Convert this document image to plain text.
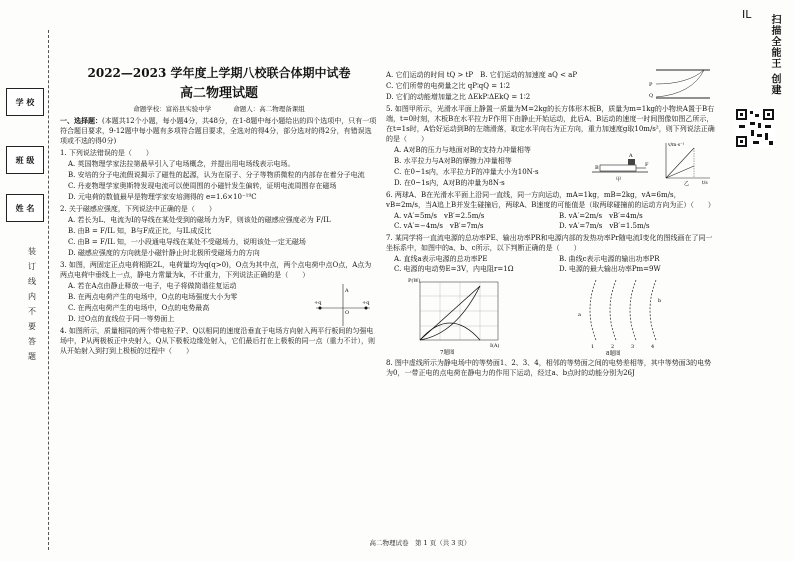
学 校
班 级
姓 名
装
订
线
内
不
要
答
题
IL	扫描全能王 创建
2022—2023 学年度上学期八校联合体期中试卷
高二物理试题
命题学校：富裕县实验中学	命题人：高二物理备课组

一、选择题：(本题共12个小题，每小题4分，共48分，在1-8题中每小题给出的四个选项中，只有一项符合题目要求，9-12题中每小题有多项符合题目要求，全选对的得4分，部分选对的得2分，有错误选项或不选的得0分)

1. 下列说法错误的是（　　）

A. 英国物理学家法拉第最早引入了电场概念，并提出用电场线表示电场。

B. 安培的分子电流假说揭示了磁性的起源，认为在原子、分子等物质微粒的内部存在着分子电流

C. 丹麦物理学家奥斯特发现电流可以使周围的小磁针发生偏转，证明电流周围存在磁场

D. 元电荷的数值最早是物理学家安培测得的 e=1.6×10⁻¹⁹C

2. 关于磁感应强度，下列说法中正确的是（　　）

A. 若长为L、电流为I的导线在某处受到的磁场力为F，则该处的磁感应强度必为 F/IL

B. 由B = F/IL 知，B与F成正比，与IL成反比

C. 由B = F/IL 知，一小段通电导线在某处不受磁场力，说明该处一定无磁场

D. 磁感应强度的方向就是小磁针静止时北极所受磁场力的方向

3. 如图，两固定正点电荷相距2L，电荷量均为q(q>0)，O点为其中点，两个点电荷中点O点，A点为两点电荷中垂线上一点，静电力常量为k，不计重力，下列说法正确的是（　　）

A. 若在A点由静止释放一电子，电子将做简谐往复运动

B. 在两点电荷产生的电场中，O点的电场强度大小为零

C. 在两点电荷产生的电场中，O点的电势最高

D. 过O点的直线位于同一等势面上

+q	+q
A
O

4. 如图所示，质量相同的两个带电粒子P、Q以相同的速度沿垂直于电场方向射入两平行板间的匀强电场中，P从两极板正中央射入，Q从下极板边缘处射入，它们最后打在上极板的同一点（重力不计），则从开始射入到打到上极板的过程中（　　）

A. 它们运动的时间 tQ > tP　B. 它们运动的加速度 aQ < aP

C. 它们所带的电荷量之比 qP∶qQ = 1∶2

D. 它们的动能增加量之比 ΔEkP∶ΔEkQ = 1∶2

P
Q

5. 如图甲所示，光滑水平面上静置一质量为M=2kg的长方体形木板B，质量为m=1kg的小物块A置于B右端，t=0时刻，木板B在水平拉力F作用下由静止开始运动，此后A、B运动的速度一时间图像如图乙所示，在t=1s时，A恰好运动到B的左端滑落，取定水平向右为正方向，重力加速度g取10m/s²，则下列说法正确的是（　　）

A. A对B的压力与地面对B的支持力冲量相等

B. 水平拉力与A对B的摩擦力冲量相等

C. 在0~1s内，水平拉力F的冲量大小为10N·s

D. 在0~1s内，A对B的冲量为8N·s

B
A
F
甲
v/m·s⁻¹
t/s
乙

6. 两球A、B在光滑水平面上沿同一直线，同一方向运动，mA=1kg，mB=2kg，vA=6m/s，vB=2m/s，当A追上B并发生碰撞后，两球A、B速度的可能值是（取两球碰撞前的运动方向为正）（　　）

A. vA′=5m/s　vB′=2.5m/s	B. vA′=2m/s　vB′=4m/s
C. vA′=−4m/s　vB′=7m/s	D. vA′=7m/s　vB′=1.5m/s

7. 某同学将一直流电源的总功率PE、输出功率PR和电源内部的发热功率Pr随电流I变化的图线画在了同一坐标系中，如图中的a、b、c所示，以下判断正确的是（　　）

A. 直线a表示电源的总功率PE	B. 曲线c表示电源的输出功率PR
C. 电源的电动势E=3V，内电阻r=1Ω	D. 电源的最大输出功率Pm=9W
P(W)
I(A)
7题图
1	2	3	4
a
b
8题图

8. 图中虚线所示为静电场中的等势面1、2、3、4，相邻的等势面之间的电势差相等，其中等势面3的电势为0，一带正电的点电荷在静电力的作用下运动，经过a、b点时的动能分别为26J

高二物理试卷　第 1 页（共 3 页）
